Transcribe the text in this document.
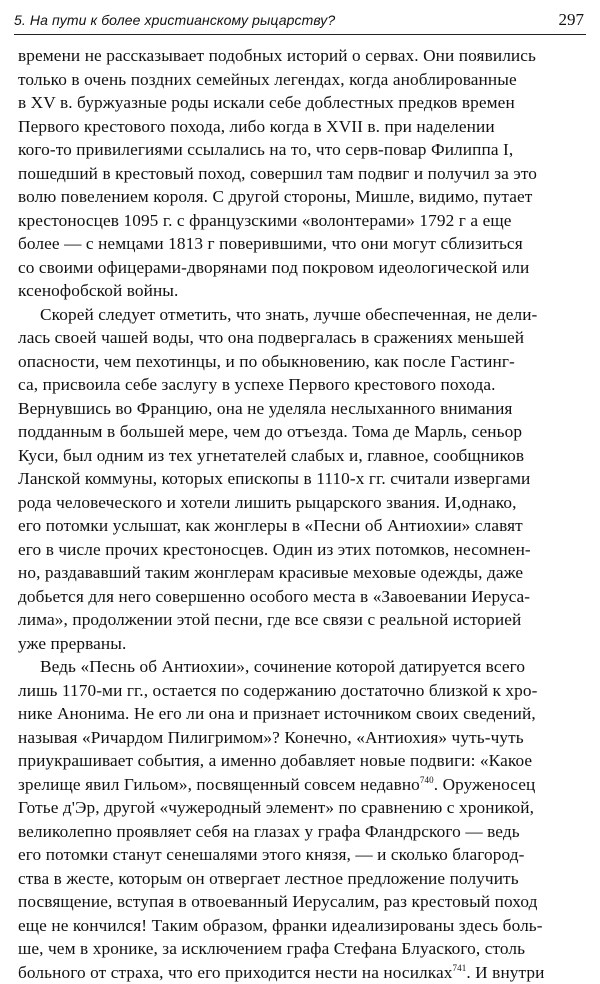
5. На пути к более христианскому рыцарству?	297

времени не рассказывает подобных историй о сервах. Они появились
только в очень поздних семейных легендах, когда аноблированные
в XV в. буржуазные роды искали себе доблестных предков времен
Первого крестового похода, либо когда в XVII в. при наделении
кого-то привилегиями ссылались на то, что серв-повар Филиппа I,
пошедший в крестовый поход, совершил там подвиг и получил за это
волю повелением короля. С другой стороны, Мишле, видимо, путает
крестоносцев 1095 г. с французскими «волонтерами» 1792 г а еще
более — с немцами 1813 г поверившими, что они могут сблизиться
со своими офицерами-дворянами под покровом идеологической или
ксенофобской войны.

Скорей следует отметить, что знать, лучше обеспеченная, не дели-
лась своей чашей воды, что она подвергалась в сражениях меньшей
опасности, чем пехотинцы, и по обыкновению, как после Гастинг-
са, присвоила себе заслугу в успехе Первого крестового похода.
Вернувшись во Францию, она не уделяла неслыханного внимания
подданным в большей мере, чем до отъезда. Тома де Марль, сеньор
Куси, был одним из тех угнетателей слабых и, главное, сообщников
Ланской коммуны, которых епископы в 1110-х гг. считали извергами
рода человеческого и хотели лишить рыцарского звания. И,однако,
его потомки услышат, как жонглеры в «Песни об Антиохии» славят
его в числе прочих крестоносцев. Один из этих потомков, несомнен-
но, раздававший таким жонглерам красивые меховые одежды, даже
добьется для него совершенно особого места в «Завоевании Иерусa-
лима», продолжении этой песни, где все связи с реальной историей
уже прерваны.

Ведь «Песнь об Антиохии», сочинение которой датируется всего
лишь 1170-ми гг., остается по содержанию достаточно близкой к хро-
нике Анонима. Не его ли она и признает источником своих сведений,
называя «Ричардом Пилигримом»? Конечно, «Антиохия» чуть-чуть
приукрашивает события, а именно добавляет новые подвиги: «Какое
зрелище явил Гильом», посвященный совсем недавно$^{740}$. Оруженосец
Готье д'Эр, другой «чужеродный элемент» по сравнению с хроникой,
великолепно проявляет себя на глазах у графа Фландрского — ведь
его потомки станут сенешалями этого князя, — и сколько благород-
ства в жесте, которым он отвергает лестное предложение получить
посвящение, вступая в отвоеванный Иерусалим, раз крестовый поход
еще не кончился! Таким образом, франки идеализированы здесь боль-
ше, чем в хронике, за исключением графа Стефана Блуаского, столь
больного от страха, что его приходится нести на носилках$^{741}$. И внутри
